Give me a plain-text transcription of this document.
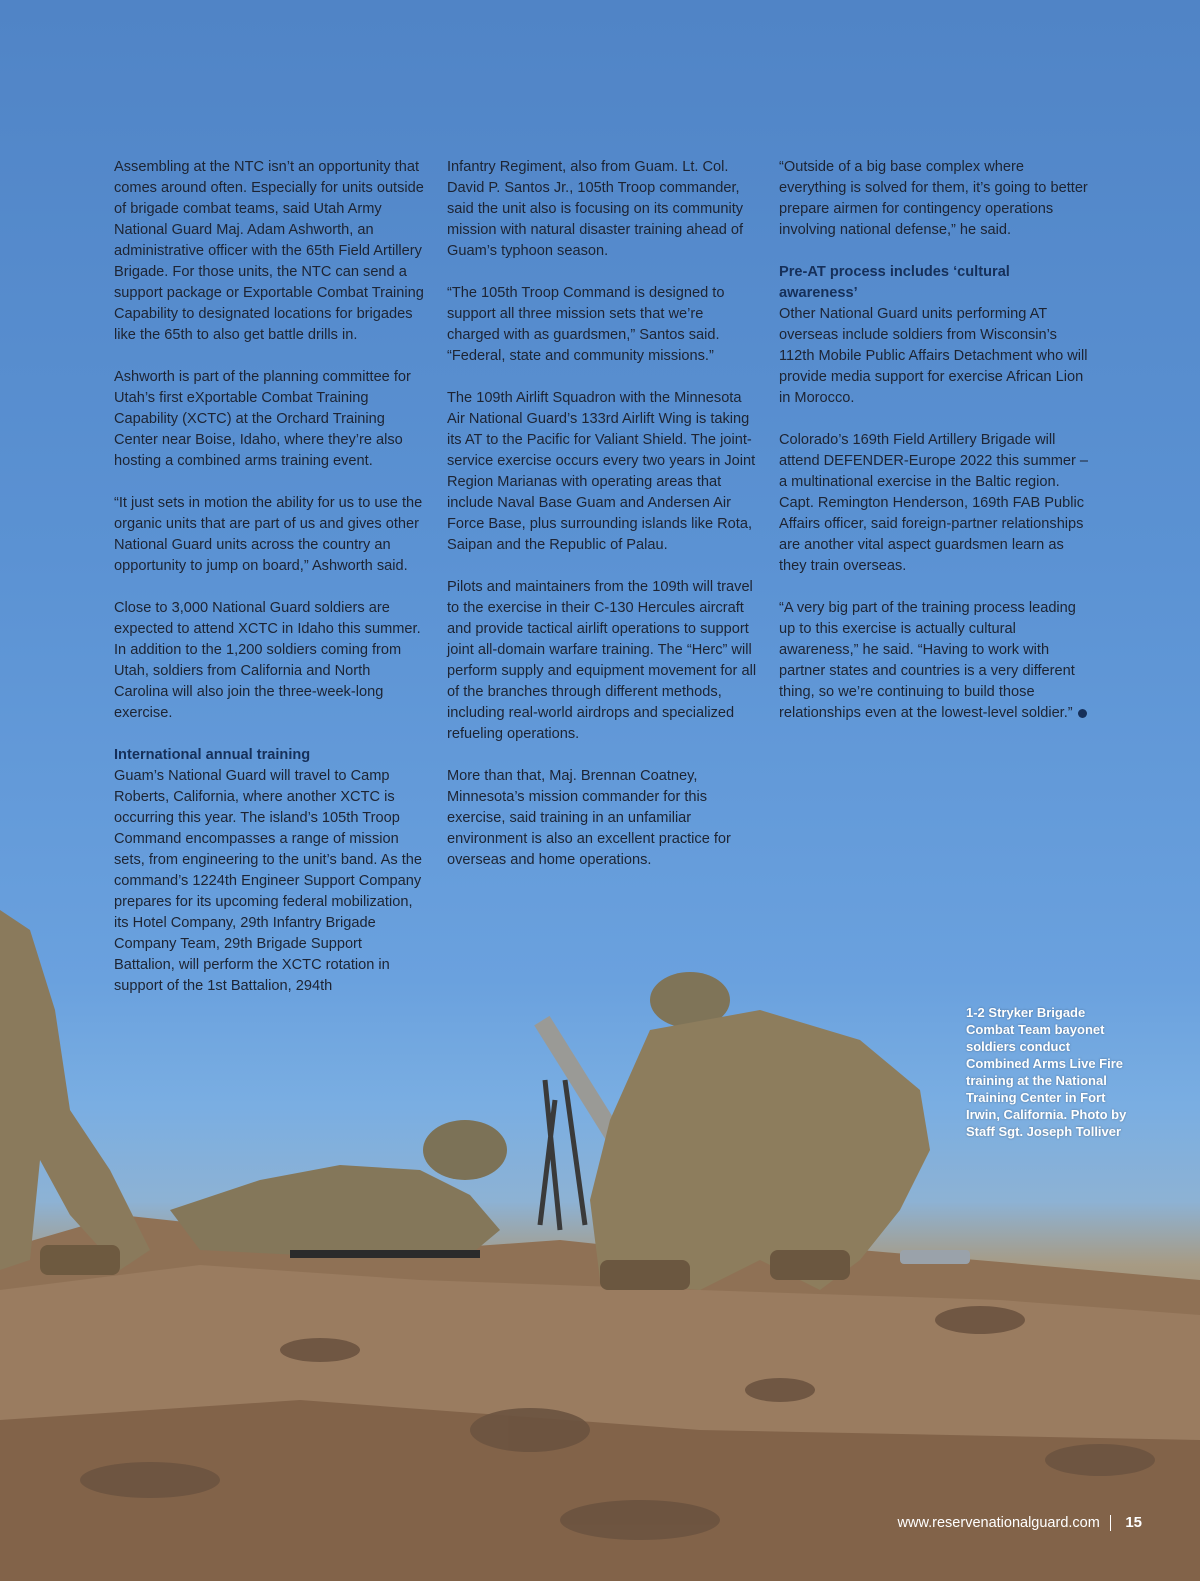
Assembling at the NTC isn’t an opportunity that comes around often. Especially for units outside of brigade combat teams, said Utah Army National Guard Maj. Adam Ashworth, an administrative officer with the 65th Field Artillery Brigade. For those units, the NTC can send a support package or Exportable Combat Training Capability to designated locations for brigades like the 65th to also get battle drills in.

Ashworth is part of the planning committee for Utah’s first eXportable Combat Training Capability (XCTC) at the Orchard Training Center near Boise, Idaho, where they’re also hosting a combined arms training event.

“It just sets in motion the ability for us to use the organic units that are part of us and gives other National Guard units across the country an opportunity to jump on board,” Ashworth said.

Close to 3,000 National Guard soldiers are expected to attend XCTC in Idaho this summer. In addition to the 1,200 soldiers coming from Utah, soldiers from California and North Carolina will also join the three-week-long exercise.

International annual training

Guam’s National Guard will travel to Camp Roberts, California, where another XCTC is occurring this year. The island’s 105th Troop Command encompasses a range of mission sets, from engineering to the unit’s band. As the command’s 1224th Engineer Support Company prepares for its upcoming federal mobilization, its Hotel Company, 29th Infantry Brigade Company Team, 29th Brigade Support Battalion, will perform the XCTC rotation in support of the 1st Battalion, 294th

Infantry Regiment, also from Guam. Lt. Col. David P. Santos Jr., 105th Troop commander, said the unit also is focusing on its community mission with natural disaster training ahead of Guam’s typhoon season.

“The 105th Troop Command is designed to support all three mission sets that we’re charged with as guardsmen,” Santos said. “Federal, state and community missions.”

The 109th Airlift Squadron with the Minnesota Air National Guard’s 133rd Airlift Wing is taking its AT to the Pacific for Valiant Shield. The joint-service exercise occurs every two years in Joint Region Marianas with operating areas that include Naval Base Guam and Andersen Air Force Base, plus surrounding islands like Rota, Saipan and the Republic of Palau.

Pilots and maintainers from the 109th will travel to the exercise in their C-130 Hercules aircraft and provide tactical airlift operations to support joint all-domain warfare training. The “Herc” will perform supply and equipment movement for all of the branches through different methods, including real-world airdrops and specialized refueling operations.

More than that, Maj. Brennan Coatney, Minnesota’s mission commander for this exercise, said training in an unfamiliar environment is also an excellent practice for overseas and home operations.

“Outside of a big base complex where everything is solved for them, it’s going to better prepare airmen for contingency operations involving national defense,” he said.

Pre-AT process includes ‘cultural awareness’

Other National Guard units performing AT overseas include soldiers from Wisconsin’s 112th Mobile Public Affairs Detachment who will provide media support for exercise African Lion in Morocco.

Colorado’s 169th Field Artillery Brigade will attend DEFENDER-Europe 2022 this summer – a multinational exercise in the Baltic region. Capt. Remington Henderson, 169th FAB Public Affairs officer, said foreign-partner relationships are another vital aspect guardsmen learn as they train overseas.

“A very big part of the training process leading up to this exercise is actually cultural awareness,” he said. “Having to work with partner states and countries is a very different thing, so we’re continuing to build those relationships even at the lowest-level soldier.”

1-2 Stryker Brigade Combat Team bayonet soldiers conduct Combined Arms Live Fire training at the National Training Center in Fort Irwin, California. Photo by Staff Sgt. Joseph Tolliver
www.reservenationalguard.com 15
